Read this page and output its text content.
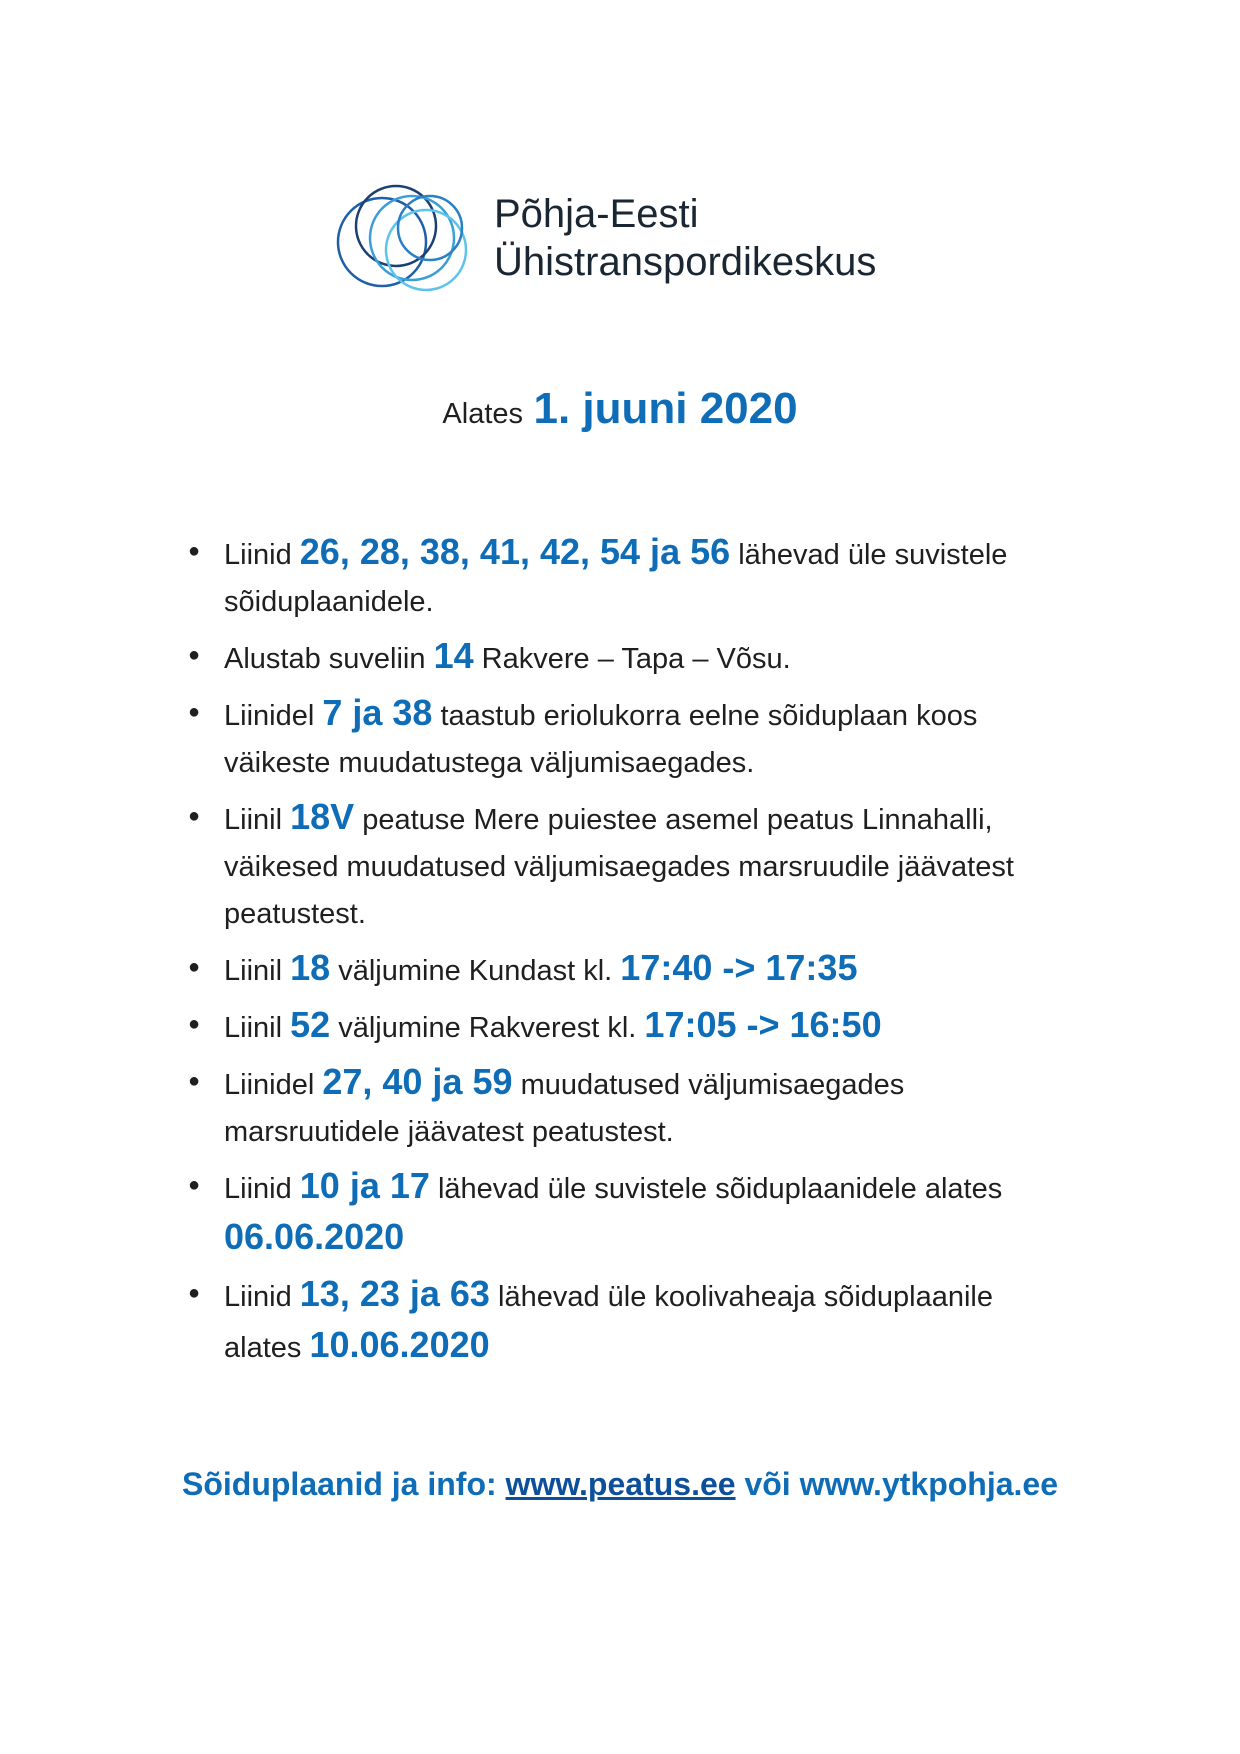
Põhja-Eesti
Ühistranspordikeskus
Alates 1. juuni 2020
● Liinid 26, 28, 38, 41, 42, 54 ja 56 lähevad üle suvistele sõiduplaanidele.
● Alustab suveliin 14 Rakvere – Tapa – Võsu.
● Liinidel 7 ja 38 taastub eriolukorra eelne sõiduplaan koos väikeste muudatustega väljumisaegades.
● Liinil 18V peatuse Mere puiestee asemel peatus Linnahalli, väikesed muudatused väljumisaegades marsruudile jäävatest peatustest.
● Liinil 18 väljumine Kundast kl. 17:40 -> 17:35
● Liinil 52 väljumine Rakverest kl. 17:05 -> 16:50
● Liinidel 27, 40 ja 59 muudatused väljumisaegades marsruutidele jäävatest peatustest.
● Liinid 10 ja 17 lähevad üle suvistele sõiduplaanidele alates 06.06.2020
● Liinid 13, 23 ja 63 lähevad üle koolivaheaja sõiduplaanile alates 10.06.2020
Sõiduplaanid ja info: www.peatus.ee või www.ytkpohja.ee
